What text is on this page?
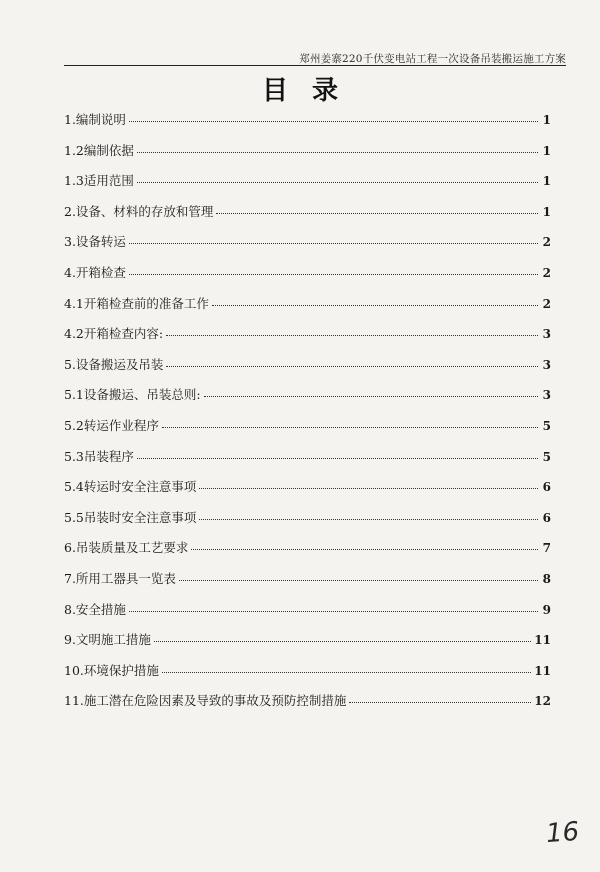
郑州姜寨220千伏变电站工程一次设备吊装搬运施工方案
目录
1.编制说明	1
1.2编制依据	1
1.3适用范围	1
2.设备、材料的存放和管理	1
3.设备转运	2
4.开箱检查	2
4.1开箱检查前的准备工作	2
4.2开箱检查内容:	3
5.设备搬运及吊装	3
5.1设备搬运、吊装总则:	3
5.2转运作业程序	5
5.3吊装程序	5
5.4转运时安全注意事项	6
5.5吊装时安全注意事项	6
6.吊装质量及工艺要求	7
7.所用工器具一览表	8
8.安全措施	9
9.文明施工措施	11
10.环境保护措施	11
11.施工潜在危险因素及导致的事故及预防控制措施	12
16
